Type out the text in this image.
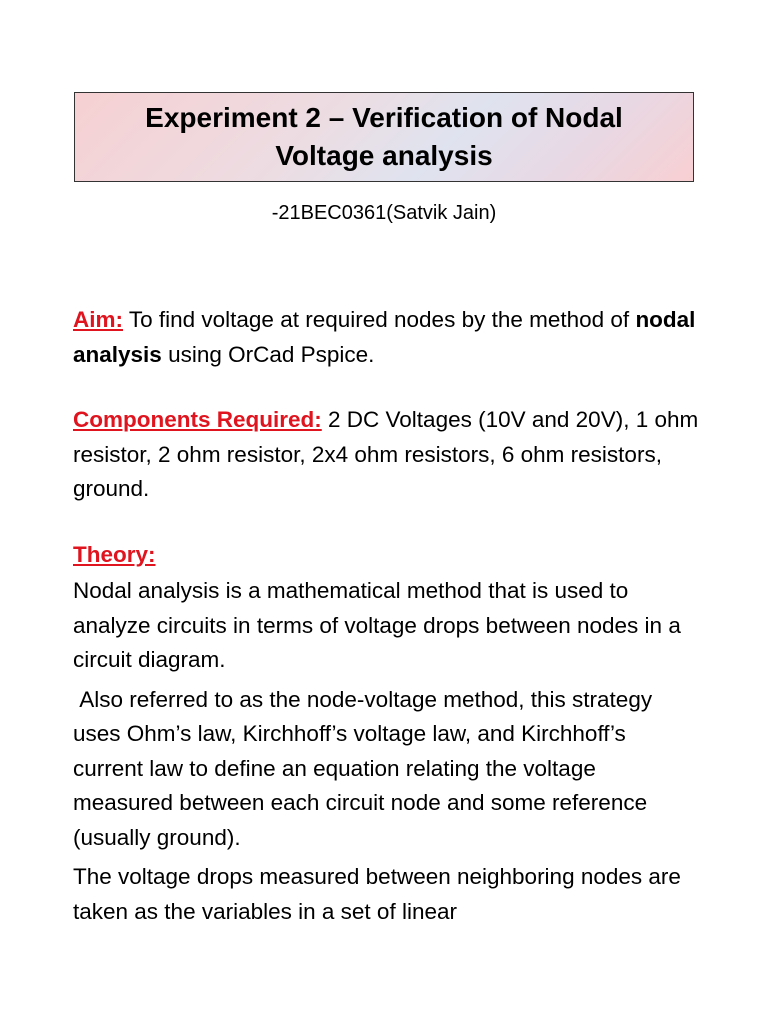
Experiment 2 – Verification of Nodal
Voltage analysis
-21BEC0361(Satvik Jain)

Aim: To find voltage at required nodes by the method of nodal analysis using OrCad Pspice.

Components Required: 2 DC Voltages (10V and 20V), 1 ohm resistor, 2 ohm resistor, 2x4 ohm resistors, 6 ohm resistors, ground.

Theory:

Nodal analysis is a mathematical method that is used to analyze circuits in terms of voltage drops between nodes in a circuit diagram.

Also referred to as the node-voltage method, this strategy uses Ohm’s law, Kirchhoff’s voltage law, and Kirchhoff’s current law to define an equation relating the voltage measured between each circuit node and some reference (usually ground).

The voltage drops measured between neighboring nodes are taken as the variables in a set of linear
